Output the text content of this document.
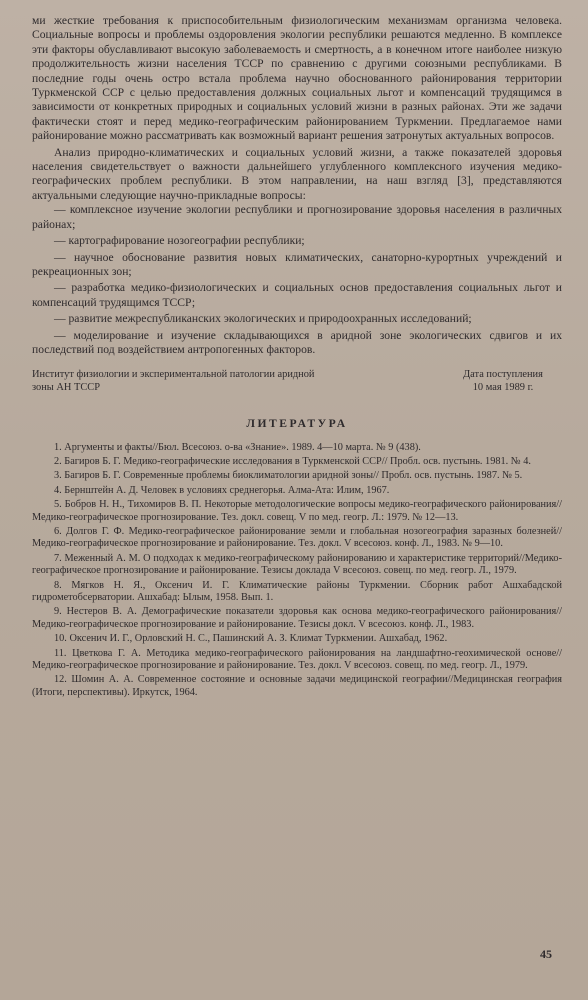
ми жесткие требования к приспособительным физиологическим механизмам организма человека. Социальные вопросы и проблемы оздоровления экологии республики решаются медленно. В комплексе эти факторы обуславливают высокую заболеваемость и смертность, а в конечном итоге наиболее низкую продолжительность жизни населения ТССР по сравнению с другими союзными республиками. В последние годы очень остро встала проблема научно обоснованного районирования территории Туркменской ССР с целью предоставления должных социальных льгот и компенсаций трудящимся в зависимости от конкретных природных и социальных условий жизни в разных районах. Эти же задачи фактически стоят и перед медико-географическим районированием Туркмении. Предлагаемое нами районирование можно рассматривать как возможный вариант решения затронутых актуальных вопросов.

Анализ природно-климатических и социальных условий жизни, а также показателей здоровья населения свидетельствует о важности дальнейшего углубленного комплексного изучения медико-географических проблем республики. В этом направлении, на наш взгляд [3], представляются актуальными следующие научно-прикладные вопросы:

— комплексное изучение экологии республики и прогнозирование здоровья населения в различных районах;

— картографирование нозогеографии республики;

— научное обоснование развития новых климатических, санаторно-курортных учреждений и рекреационных зон;

— разработка медико-физиологических и социальных основ предоставления социальных льгот и компенсаций трудящимся ТССР;

— развитие межреспубликанских экологических и природоохранных исследований;

— моделирование и изучение складывающихся в аридной зоне экологических сдвигов и их последствий под воздействием антропогенных факторов.

Институт физиологии и экспериментальной патологии аридной зоны АН ТССР
Дата поступления
10 мая 1989 г.
ЛИТЕРАТУРА

1. Аргументы и факты//Бюл. Всесоюз. о-ва «Знание». 1989. 4—10 марта. № 9 (438).

2. Багиров Б. Г. Медико-географические исследования в Туркменской ССР// Пробл. осв. пустынь. 1981. № 4.

3. Багиров Б. Г. Современные проблемы биоклиматологии аридной зоны// Пробл. осв. пустынь. 1987. № 5.

4. Бернштейн А. Д. Человек в условиях среднегорья. Алма-Ата: Илим, 1967.

5. Бобров Н. Н., Тихомиров В. П. Некоторые методологические вопросы медико-географического районирования//Медико-географическое прогнозирование. Тез. докл. совещ. V по мед. геогр. Л.: 1979. № 12—13.

6. Долгов Г. Ф. Медико-географическое районирование земли и глобальная нозогеография заразных болезней//Медико-географическое прогнозирование и районирование. Тез. докл. V всесоюз. конф. Л., 1983. № 9—10.

7. Меженный А. М. О подходах к медико-географическому районированию и характеристике территорий//Медико-географическое прогнозирование и районирование. Тезисы доклада V всесоюз. совещ. по мед. геогр. Л., 1979.

8. Мягков Н. Я., Оксенич И. Г. Климатические районы Туркмении. Сборник работ Ашхабадской гидрометобсерватории. Ашхабад: Ылым, 1958. Вып. 1.

9. Нестеров В. А. Демографические показатели здоровья как основа медико-географического районирования//Медико-географическое прогнозирование и районирование. Тезисы докл. V всесоюз. конф. Л., 1983.

10. Оксенич И. Г., Орловский Н. С., Пашинский А. З. Климат Туркмении. Ашхабад, 1962.

11. Цветкова Г. А. Методика медико-географического районирования на ландшафтно-геохимической основе//Медико-географическое прогнозирование и районирование. Тез. докл. V всесоюз. совещ. по мед. геогр. Л., 1979.

12. Шомин А. А. Современное состояние и основные задачи медицинской географии//Медицинская география (Итоги, перспективы). Иркутск, 1964.

45
